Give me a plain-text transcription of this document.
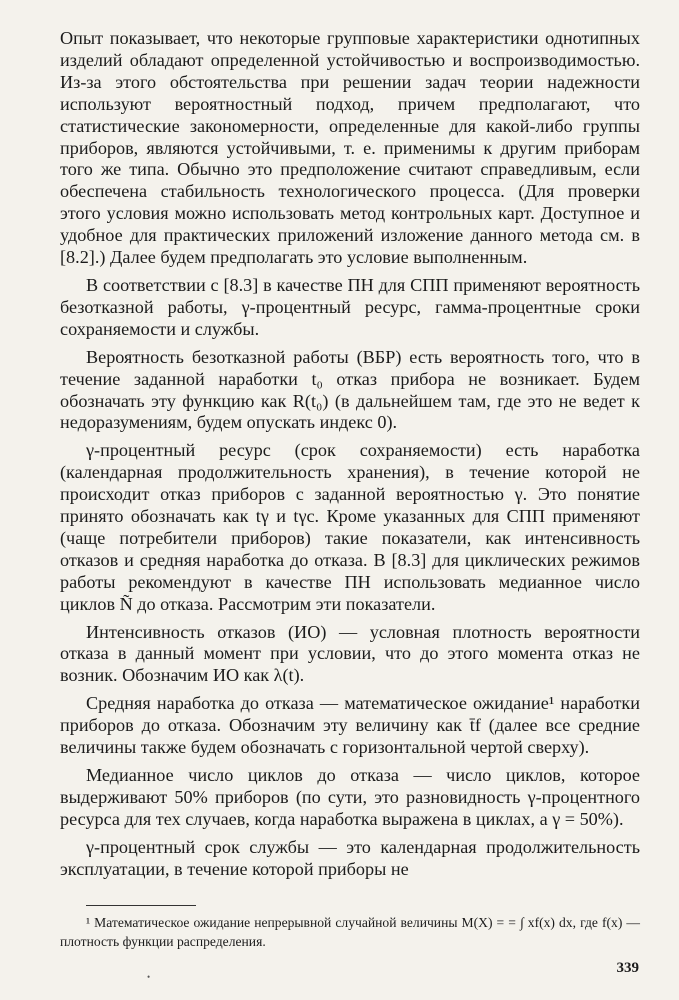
Опыт показывает, что некоторые групповые характеристики однотипных изделий обладают определенной устойчивостью и воспроизводимостью. Из-за этого обстоятельства при решении задач теории надежности используют вероятностный подход, причем предполагают, что статистические закономерности, определенные для какой-либо группы приборов, являются устойчивыми, т. е. применимы к другим приборам того же типа. Обычно это предположение считают справедливым, если обеспечена стабильность технологического процесса. (Для проверки этого условия можно использовать метод контрольных карт. Доступное и удобное для практических приложений изложение данного метода см. в [8.2].) Далее будем предполагать это условие выполненным.

В соответствии с [8.3] в качестве ПН для СПП применяют вероятность безотказной работы, γ-процентный ресурс, гамма-процентные сроки сохраняемости и службы.

Вероятность безотказной работы (ВБР) есть вероятность того, что в течение заданной наработки t₀ отказ прибора не возникает. Будем обозначать эту функцию как R(t₀) (в дальнейшем там, где это не ведет к недоразумениям, будем опускать индекс 0).

γ-процентный ресурс (срок сохраняемости) есть наработка (календарная продолжительность хранения), в течение которой не происходит отказ приборов с заданной вероятностью γ. Это понятие принято обозначать как tγ и tγс. Кроме указанных для СПП применяют (чаще потребители приборов) такие показатели, как интенсивность отказов и средняя наработка до отказа. В [8.3] для циклических режимов работы рекомендуют в качестве ПН использовать медианное число циклов Ñ до отказа. Рассмотрим эти показатели.

Интенсивность отказов (ИО) — условная плотность вероятности отказа в данный момент при условии, что до этого момента отказ не возник. Обозначим ИО как λ(t).

Средняя наработка до отказа — математическое ожидание¹ наработки приборов до отказа. Обозначим эту величину как t̄f (далее все средние величины также будем обозначать с горизонтальной чертой сверху).

Медианное число циклов до отказа — число циклов, которое выдерживают 50% приборов (по сути, это разновидность γ-процентного ресурса для тех случаев, когда наработка выражена в циклах, а γ = 50%).

γ-процентный срок службы — это календарная продолжительность эксплуатации, в течение которой приборы не

¹ Математическое ожидание непрерывной случайной величины M(X) = = ∫ xf(x) dx, где f(x) — плотность функции распределения.
339
•
